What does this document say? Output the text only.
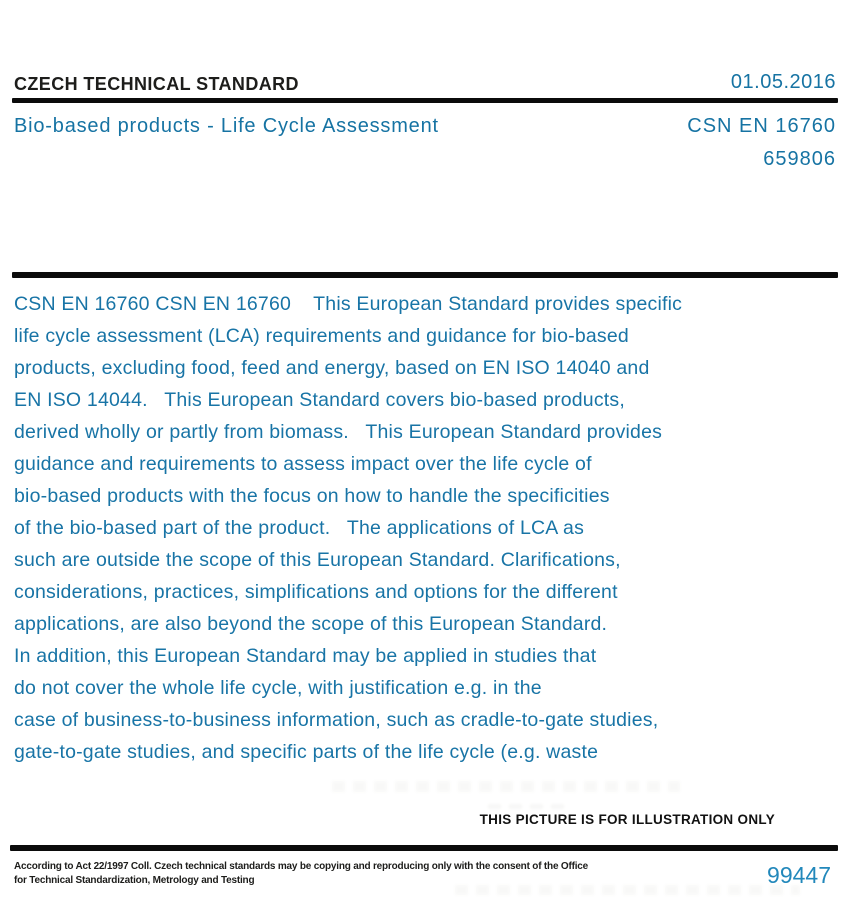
CZECH TECHNICAL STANDARD	01.05.2016
Bio-based products - Life Cycle Assessment	CSN EN 16760
659806
CSN EN 16760 CSN EN 16760    This European Standard provides specific
life cycle assessment (LCA) requirements and guidance for bio-based
products, excluding food, feed and energy, based on EN ISO 14040 and
EN ISO 14044.   This European Standard covers bio-based products,
derived wholly or partly from biomass.   This European Standard provides
guidance and requirements to assess impact over the life cycle of
bio-based products with the focus on how to handle the specificities
of the bio-based part of the product.   The applications of LCA as
such are outside the scope of this European Standard. Clarifications,
considerations, practices, simplifications and options for the different
applications, are also beyond the scope of this European Standard.
In addition, this European Standard may be applied in studies that
do not cover the whole life cycle, with justification e.g. in the
case of business-to-business information, such as cradle-to-gate studies,
gate-to-gate studies, and specific parts of the life cycle (e.g. waste
THIS PICTURE IS FOR ILLUSTRATION ONLY
According to Act 22/1997 Coll. Czech technical standards may be copying and reproducing only with the consent of the Office
for Technical Standardization, Metrology and Testing	99447
